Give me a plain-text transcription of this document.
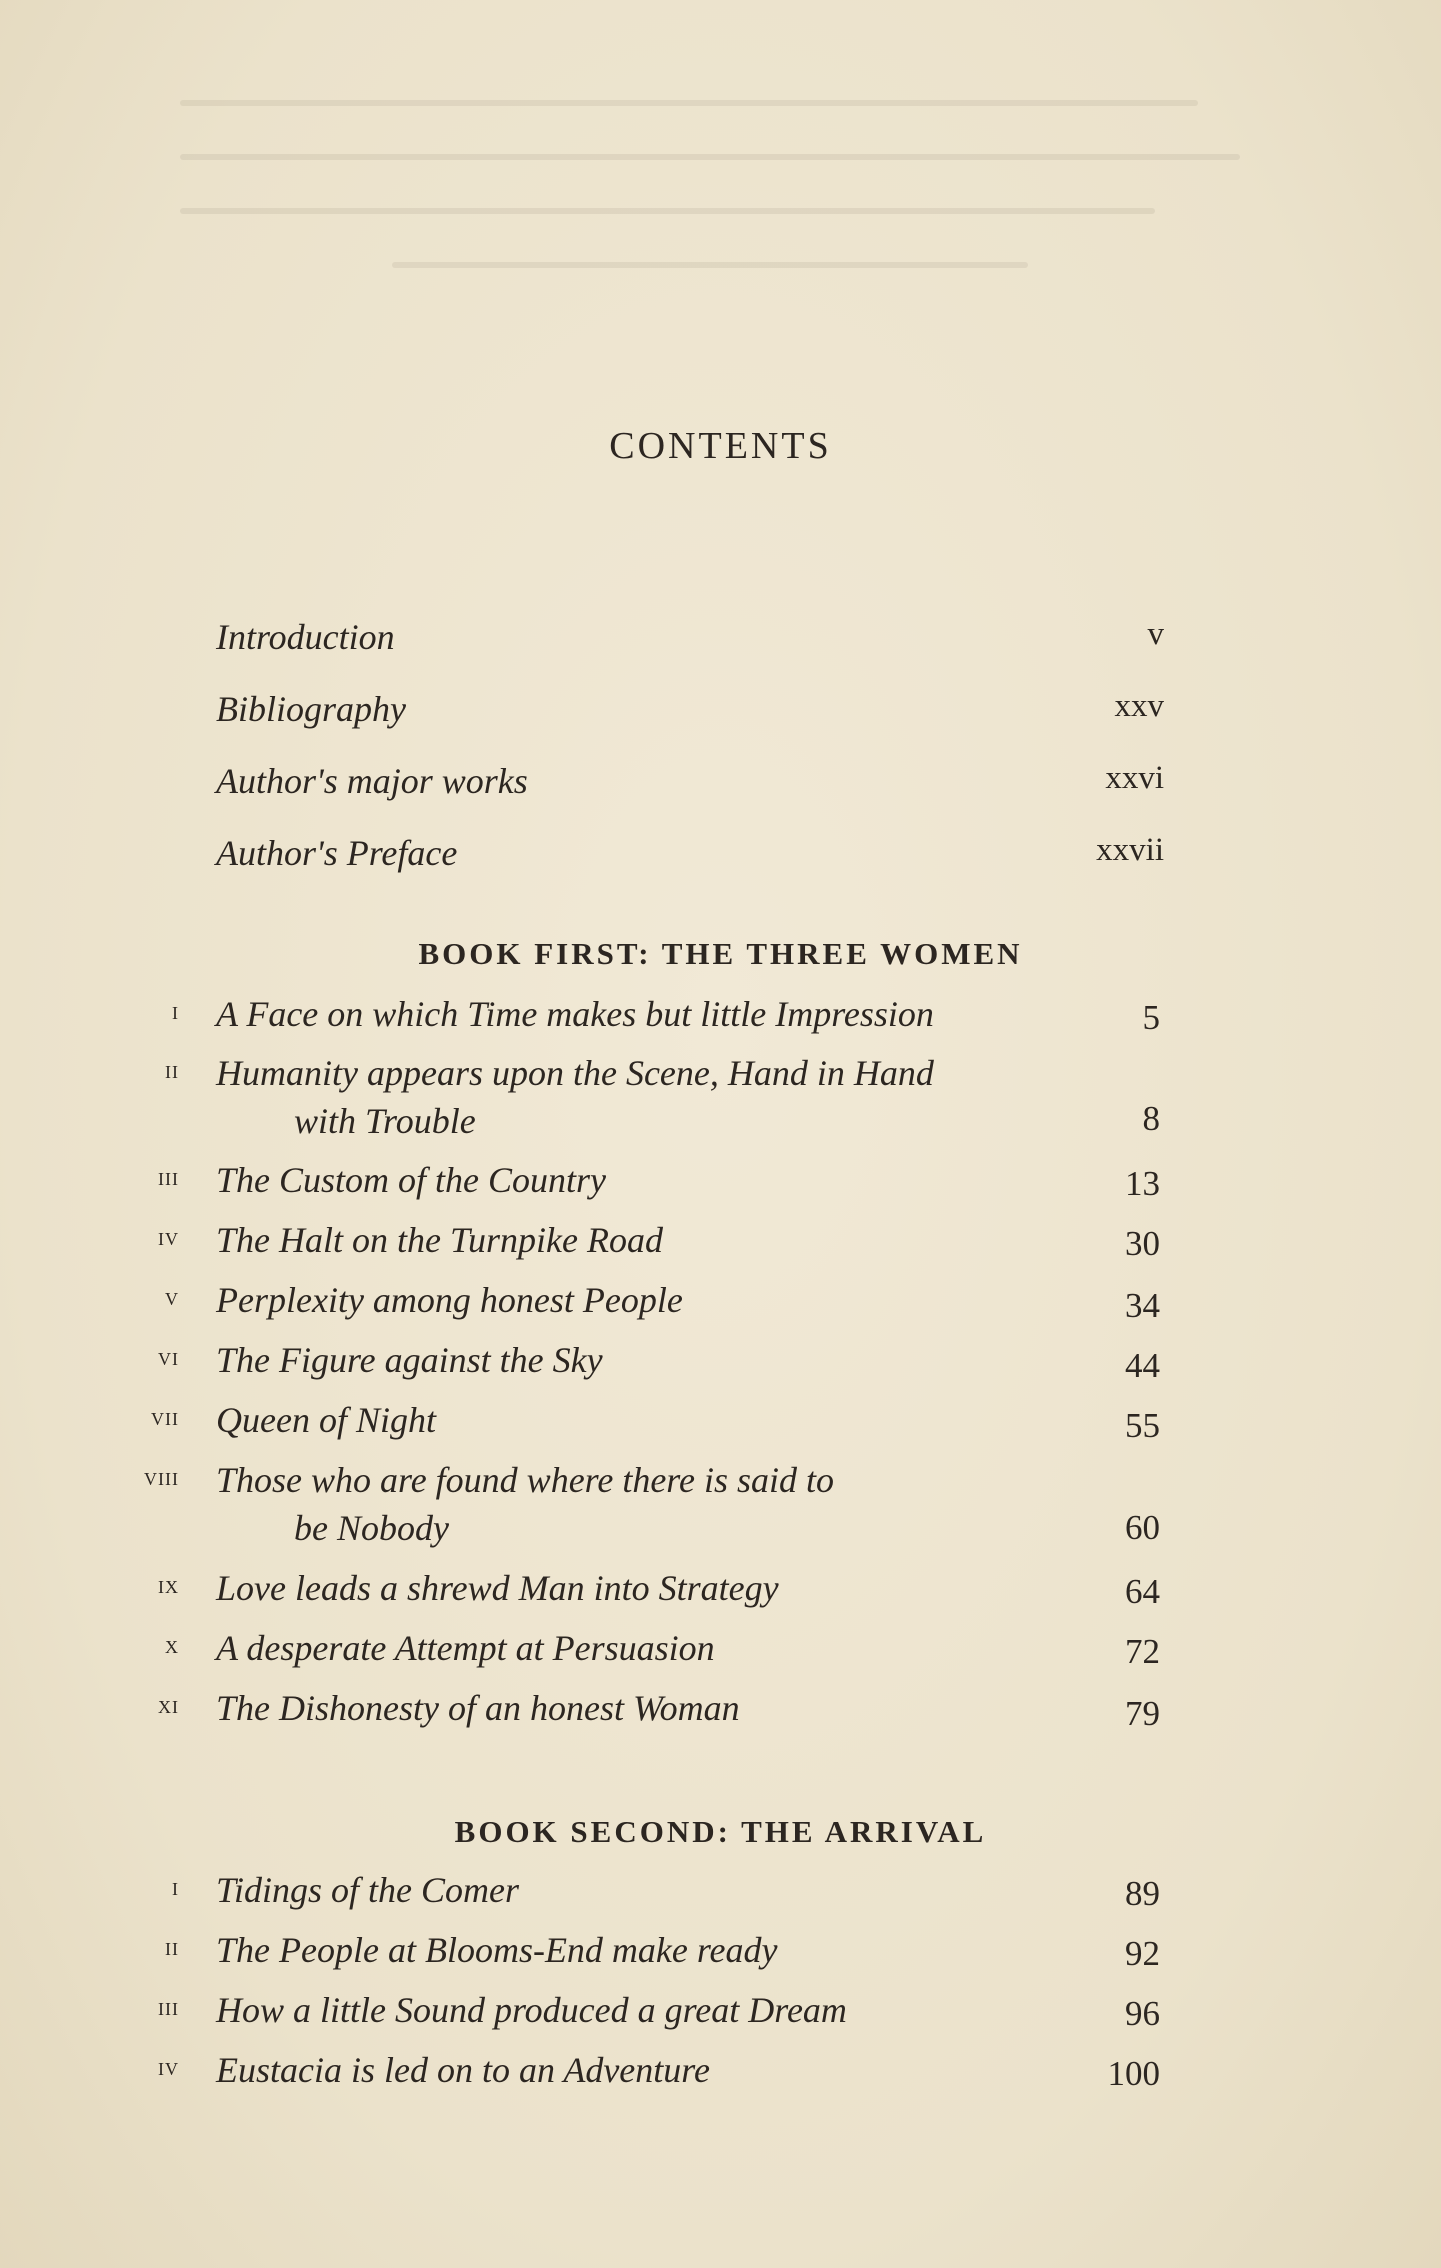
CONTENTS
Introduction	v
Bibliography	xxv
Author's major works	xxvi
Author's Preface	xxvii
BOOK FIRST: THE THREE WOMEN
i A Face on which Time makes but little Impression	5
ii Humanity appears upon the Scene, Hand in Hand
with Trouble	8
iii The Custom of the Country	13
iv The Halt on the Turnpike Road	30
v Perplexity among honest People	34
vi The Figure against the Sky	44
vii Queen of Night	55
viii Those who are found where there is said to
be Nobody	60
ix Love leads a shrewd Man into Strategy	64
x A desperate Attempt at Persuasion	72
xi The Dishonesty of an honest Woman	79
BOOK SECOND: THE ARRIVAL
i Tidings of the Comer	89
ii The People at Blooms-End make ready	92
iii How a little Sound produced a great Dream	96
iv Eustacia is led on to an Adventure	100
